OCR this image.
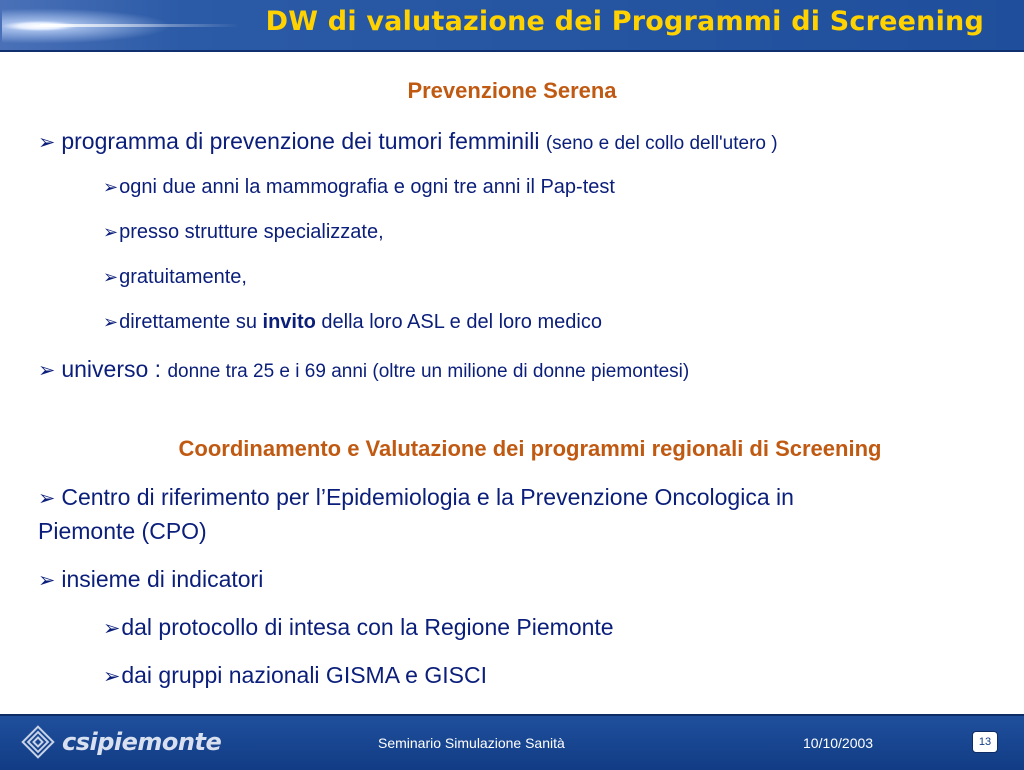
DW di valutazione dei Programmi di Screening
Prevenzione Serena
➢ programma di prevenzione dei tumori femminili (seno e del collo dell'utero )
➢ogni due anni la mammografia e ogni tre anni il Pap-test
➢presso strutture specializzate,
➢gratuitamente,
➢direttamente su invito della loro ASL e del loro medico
➢ universo : donne tra 25 e i 69 anni (oltre un milione di donne piemontesi)
Coordinamento e Valutazione dei programmi regionali di Screening
➢ Centro di riferimento per l’Epidemiologia e la Prevenzione Oncologica in
Piemonte (CPO)
➢ insieme di indicatori
➢dal protocollo di intesa con la Regione Piemonte
➢dai gruppi nazionali GISMA e GISCI
csipiemonte	Seminario Simulazione Sanità	10/10/2003	13
